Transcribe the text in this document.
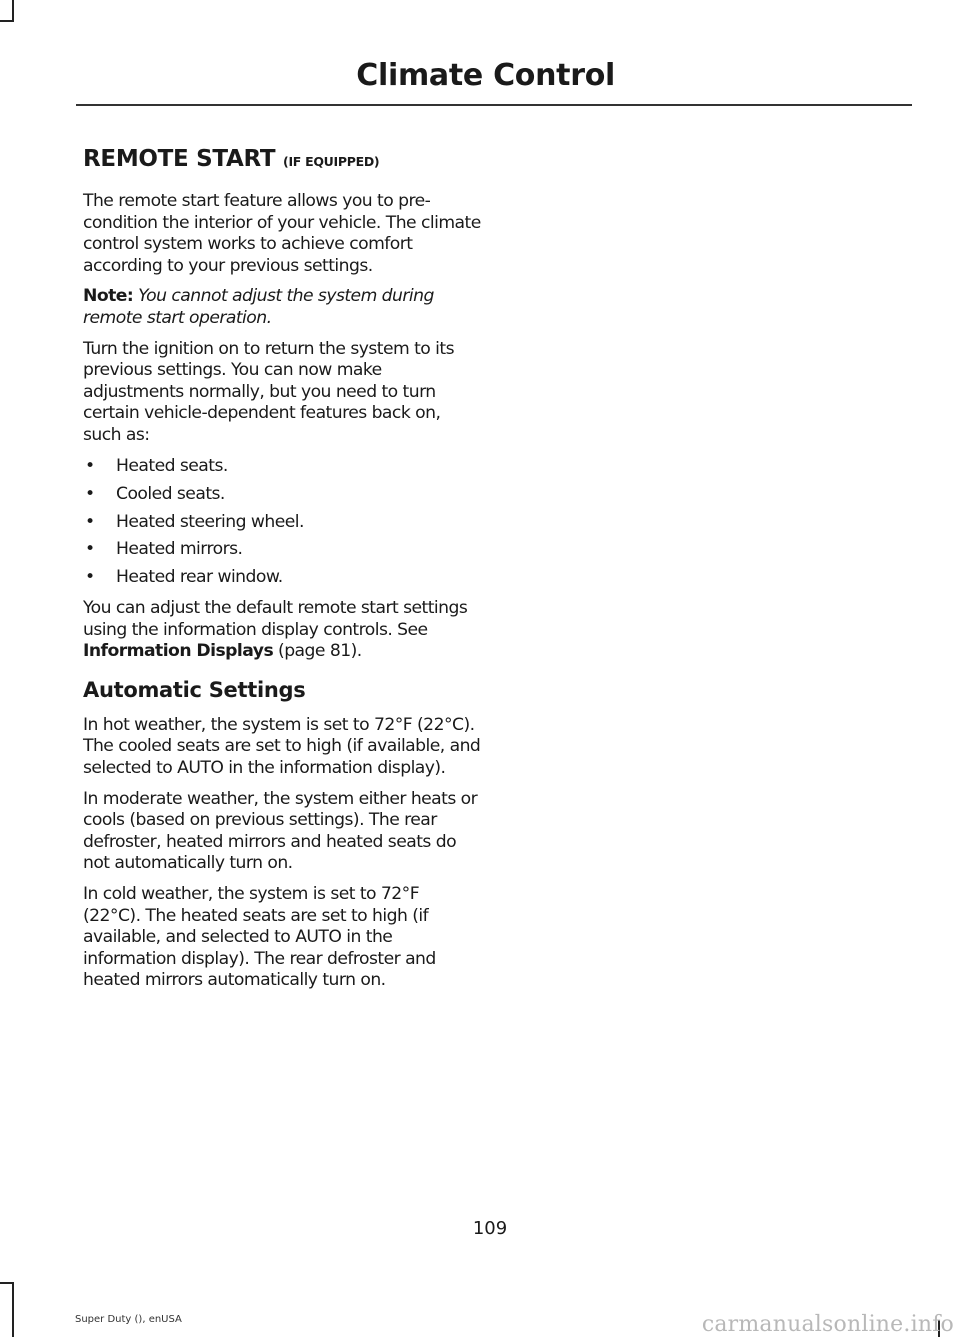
Climate Control
REMOTE START (IF EQUIPPED)

The remote start feature allows you to pre-condition the interior of your vehicle. The climate control system works to achieve comfort according to your previous settings.

Note: You cannot adjust the system during remote start operation.

Turn the ignition on to return the system to its previous settings. You can now make adjustments normally, but you need to turn certain vehicle-dependent features back on, such as:

• Heated seats.
• Cooled seats.
• Heated steering wheel.
• Heated mirrors.
• Heated rear window.

You can adjust the default remote start settings using the information display controls. See Information Displays (page 81).

Automatic Settings

In hot weather, the system is set to 72°F (22°C). The cooled seats are set to high (if available, and selected to AUTO in the information display).

In moderate weather, the system either heats or cools (based on previous settings). The rear defroster, heated mirrors and heated seats do not automatically turn on.

In cold weather, the system is set to 72°F (22°C). The heated seats are set to high (if available, and selected to AUTO in the information display). The rear defroster and heated mirrors automatically turn on.

109
Super Duty (), enUSA	carmanualsonline.info
